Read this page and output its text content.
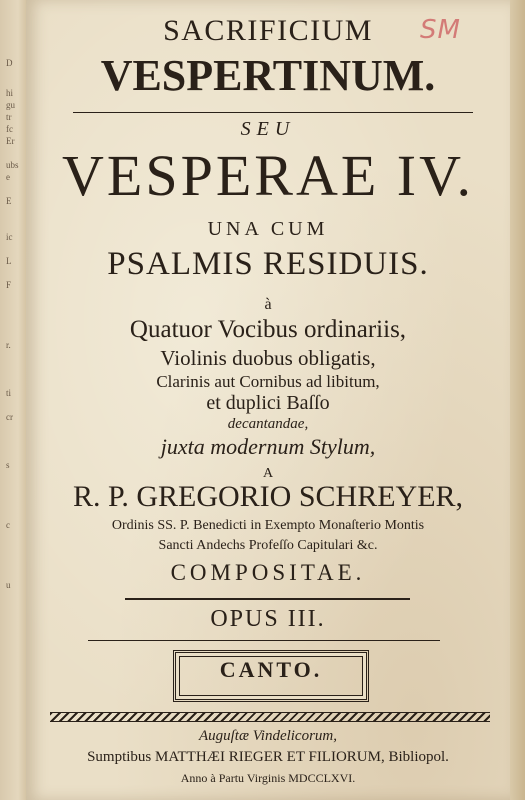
D
hi
gu
tr
fc
Er
ubs
e
E
ic
L
F
r.
ti
cr
s
c
u
SM
SACRIFICIUM
VESPERTINUM.
SEU
VESPERAE IV.
UNA CUM
PSALMIS RESIDUIS.
à
Quatuor Vocibus ordinariis,
Violinis duobus obligatis,
Clarinis aut Cornibus ad libitum,
et duplici Baſſo
decantandae,
juxta modernum Stylum,
A
R. P. GREGORIO SCHREYER,
Ordinis SS. P. Benedicti in Exempto Monaſterio Montis
Sancti Andechs Profeſſo Capitulari &c.
COMPOSITAE.
OPUS III.
CANTO.
Auguſtæ Vindelicorum,
Sumptibus MATTHÆI RIEGER ET FILIORUM, Bibliopol.
Anno à Partu Virginis MDCCLXVI.
